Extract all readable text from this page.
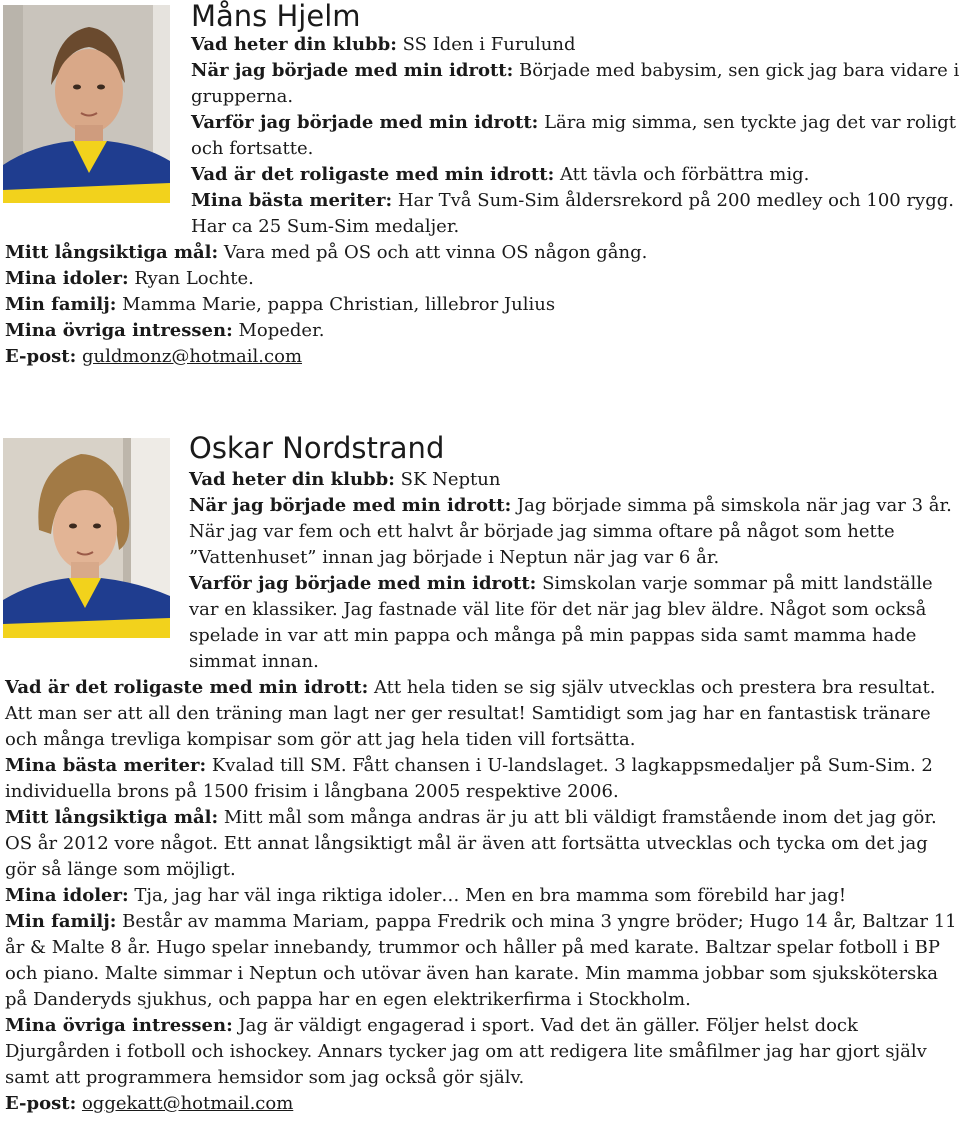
Måns Hjelm

Vad heter din klubb: SS Iden i Furulund

När jag började med min idrott: Började med babysim, sen gick jag bara vidare i grupperna.

Varför jag började med min idrott: Lära mig simma, sen tyckte jag det var roligt och fortsatte.

Vad är det roligaste med min idrott: Att tävla och förbättra mig.

Mina bästa meriter: Har Två Sum-Sim åldersrekord på 200 medley och 100 rygg. Har ca 25 Sum-Sim medaljer.

Mitt långsiktiga mål: Vara med på OS och att vinna OS någon gång.

Mina idoler: Ryan Lochte.

Min familj: Mamma Marie, pappa Christian, lillebror Julius

Mina övriga intressen: Mopeder.

E-post: guldmonz@hotmail.com

Oskar Nordstrand

Vad heter din klubb: SK Neptun

När jag började med min idrott: Jag började simma på simskola när jag var 3 år. När jag var fem och ett halvt år började jag simma oftare på något som hette ”Vattenhuset” innan jag började i Neptun när jag var 6 år.

Varför jag började med min idrott: Simskolan varje sommar på mitt landställe var en klassiker. Jag fastnade väl lite för det när jag blev äldre. Något som också spelade in var att min pappa och många på min pappas sida samt mamma hade simmat innan.

Vad är det roligaste med min idrott: Att hela tiden se sig själv utvecklas och prestera bra resultat. Att man ser att all den träning man lagt ner ger resultat! Samtidigt som jag har en fantastisk tränare och många trevliga kompisar som gör att jag hela tiden vill fortsätta.

Mina bästa meriter: Kvalad till SM. Fått chansen i U-landslaget. 3 lagkappsmedaljer på Sum-Sim. 2 individuella brons på 1500 frisim i långbana 2005 respektive 2006.

Mitt långsiktiga mål: Mitt mål som många andras är ju att bli väldigt framstående inom det jag gör. OS år 2012 vore något. Ett annat långsiktigt mål är även att fortsätta utvecklas och tycka om det jag gör så länge som möjligt.

Mina idoler: Tja, jag har väl inga riktiga idoler… Men en bra mamma som förebild har jag!

Min familj: Består av mamma Mariam, pappa Fredrik och mina 3 yngre bröder; Hugo 14 år, Baltzar 11 år & Malte 8 år. Hugo spelar innebandy, trummor och håller på med karate. Baltzar spelar fotboll i BP och piano. Malte simmar i Neptun och utövar även han karate. Min mamma jobbar som sjuksköterska på Danderyds sjukhus, och pappa har en egen elektrikerfirma i Stockholm.

Mina övriga intressen: Jag är väldigt engagerad i sport. Vad det än gäller. Följer helst dock Djurgården i fotboll och ishockey. Annars tycker jag om att redigera lite småfilmer jag har gjort själv samt att programmera hemsidor som jag också gör själv.

E-post: oggekatt@hotmail.com
